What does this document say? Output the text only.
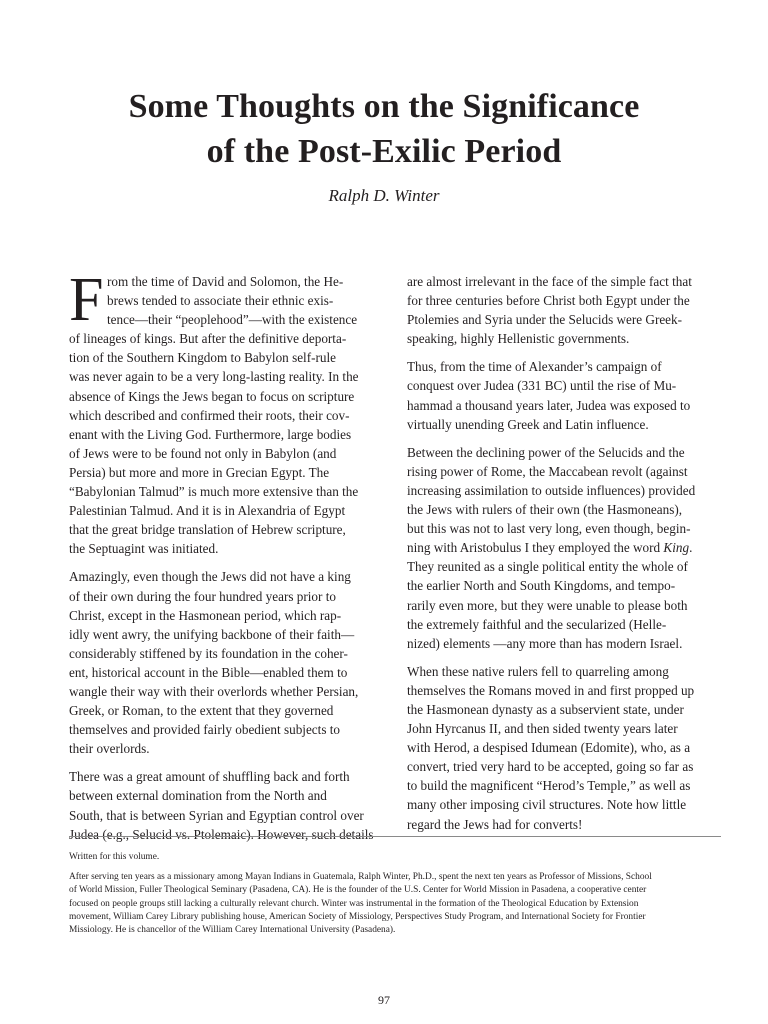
Some Thoughts on the Significance
of the Post-Exilic Period
Ralph D. Winter

F rom the time of David and Solomon, the He-
brews tended to associate their ethnic exis-
tence—their “peoplehood”—with the existence
of lineages of kings. But after the definitive deporta-
tion of the Southern Kingdom to Babylon self-rule
was never again to be a very long-lasting reality. In the
absence of Kings the Jews began to focus on scripture
which described and confirmed their roots, their cov-
enant with the Living God. Furthermore, large bodies
of Jews were to be found not only in Babylon (and
Persia) but more and more in Grecian Egypt. The
“Babylonian Talmud” is much more extensive than the
Palestinian Talmud. And it is in Alexandria of Egypt
that the great bridge translation of Hebrew scripture,
the Septuagint was initiated.

Amazingly, even though the Jews did not have a king
of their own during the four hundred years prior to
Christ, except in the Hasmonean period, which rap-
idly went awry, the unifying backbone of their faith—
considerably stiffened by its foundation in the coher-
ent, historical account in the Bible—enabled them to
wangle their way with their overlords whether Persian,
Greek, or Roman, to the extent that they governed
themselves and provided fairly obedient subjects to
their overlords.

There was a great amount of shuffling back and forth
between external domination from the North and
South, that is between Syrian and Egyptian control over
Judea (e.g., Selucid vs. Ptolemaic). However, such details

are almost irrelevant in the face of the simple fact that
for three centuries before Christ both Egypt under the
Ptolemies and Syria under the Selucids were Greek-
speaking, highly Hellenistic governments.

Thus, from the time of Alexander’s campaign of
conquest over Judea (331 BC) until the rise of Mu-
hammad a thousand years later, Judea was exposed to
virtually unending Greek and Latin influence.

Between the declining power of the Selucids and the
rising power of Rome, the Maccabean revolt (against
increasing assimilation to outside influences) provided
the Jews with rulers of their own (the Hasmoneans),
but this was not to last very long, even though, begin-
ning with Aristobulus I they employed the word King.
They reunited as a single political entity the whole of
the earlier North and South Kingdoms, and tempo-
rarily even more, but they were unable to please both
the extremely faithful and the secularized (Helle-
nized) elements —any more than has modern Israel.

When these native rulers fell to quarreling among
themselves the Romans moved in and first propped up
the Hasmonean dynasty as a subservient state, under
John Hyrcanus II, and then sided twenty years later
with Herod, a despised Idumean (Edomite), who, as a
convert, tried very hard to be accepted, going so far as
to build the magnificent “Herod’s Temple,” as well as
many other imposing civil structures. Note how little
regard the Jews had for converts!

Written for this volume.

After serving ten years as a missionary among Mayan Indians in Guatemala, Ralph Winter, Ph.D., spent the next ten years as Professor of Missions, School
of World Mission, Fuller Theological Seminary (Pasadena, CA). He is the founder of the U.S. Center for World Mission in Pasadena, a cooperative center
focused on people groups still lacking a culturally relevant church. Winter was instrumental in the formation of the Theological Education by Extension
movement, William Carey Library publishing house, American Society of Missiology, Perspectives Study Program, and International Society for Frontier
Missiology. He is chancellor of the William Carey International University (Pasadena).

97
